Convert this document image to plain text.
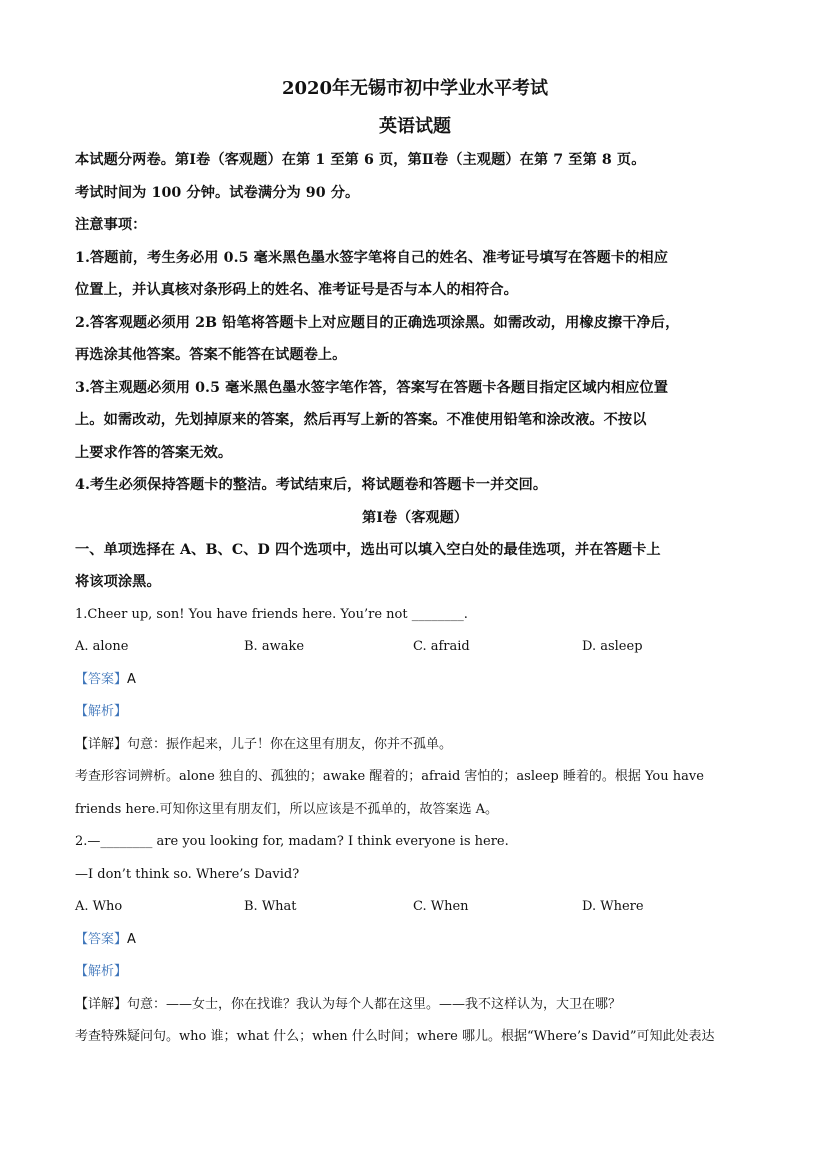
2020年无锡市初中学业水平考试
英语试题

本试题分两卷。第Ⅰ卷（客观题）在第 1 至第 6 页，第Ⅱ卷（主观题）在第 7 至第 8 页。

考试时间为 100 分钟。试卷满分为 90 分。

注意事项：

1.答题前，考生务必用 0.5 毫米黑色墨水签字笔将自己的姓名、准考证号填写在答题卡的相应

位置上，并认真核对条形码上的姓名、准考证号是否与本人的相符合。

2.答客观题必须用 2B 铅笔将答题卡上对应题目的正确选项涂黑。如需改动，用橡皮擦干净后，

再选涂其他答案。答案不能答在试题卷上。

3.答主观题必须用 0.5 毫米黑色墨水签字笔作答，答案写在答题卡各题目指定区域内相应位置

上。如需改动，先划掉原来的答案，然后再写上新的答案。不准使用铅笔和涂改液。不按以

上要求作答的答案无效。

4.考生必须保持答题卡的整洁。考试结束后，将试题卷和答题卡一并交回。

第Ⅰ卷（客观题）

一、单项选择在 A、B、C、D 四个选项中，选出可以填入空白处的最佳选项，并在答题卡上

将该项涂黑。

1.Cheer up, son! You have friends here. You’re not ________.

A. alone	B. awake	C. afraid	D. asleep

【答案】A

【解析】

【详解】句意：振作起来，儿子！你在这里有朋友，你并不孤单。

考查形容词辨析。alone 独自的、孤独的；awake 醒着的；afraid 害怕的；asleep 睡着的。根据 You have

friends here.可知你这里有朋友们，所以应该是不孤单的，故答案选 A。

2.—________ are you looking for, madam? I think everyone is here.

—I don’t think so. Where’s David?

A. Who	B. What	C. When	D. Where

【答案】A

【解析】

【详解】句意：——女士，你在找谁？我认为每个人都在这里。——我不这样认为，大卫在哪？

考查特殊疑问句。who 谁；what 什么；when 什么时间；where 哪儿。根据“Where’s David”可知此处表达
